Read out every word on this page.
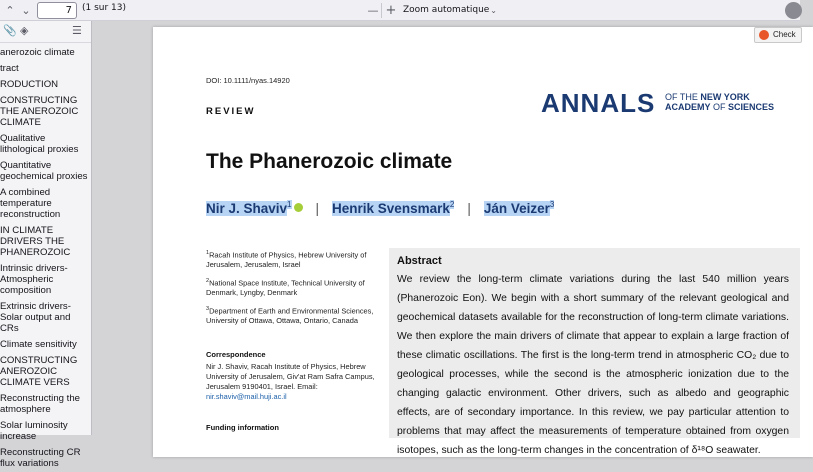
⌃ ⌄	7	(1 sur 13)	— + Zoom automatique ⌄
📎 ◈	☰
anerozoic climate
tract
RODUCTION
CONSTRUCTING THE ANEROZOIC CLIMATE
Qualitative lithological proxies
Quantitative geochemical proxies
A combined temperature reconstruction
IN CLIMATE DRIVERS THE PHANEROZOIC
Intrinsic drivers-Atmospheric composition
Extrinsic drivers-Solar output and CRs
Climate sensitivity
CONSTRUCTING ANEROZOIC CLIMATE VERS
Reconstructing the atmosphere
Solar luminosity increase
Reconstructing CR flux variations
Check
DOI: 10.1111/nyas.14920
REVIEW	ANNALS OF THE NEW YORK
ACADEMY OF SCIENCES
The Phanerozoic climate
Nir J. Shaviv$^1$ | Henrik Svensmark$^2$ | Ján Veizer$^3$
$^1$Racah Institute of Physics, Hebrew University of Jerusalem, Jerusalem, Israel
$^2$National Space Institute, Technical University of Denmark, Lyngby, Denmark
$^3$Department of Earth and Environmental Sciences, University of Ottawa, Ottawa, Ontario, Canada
Correspondence
Nir J. Shaviv, Racah Institute of Physics, Hebrew University of Jerusalem, Giv'at Ram Safra Campus, Jerusalem 9190401, Israel. Email: nir.shaviv@mail.huji.ac.il
Funding information
Abstract
We review the long-term climate variations during the last 540 million years (Phanerozoic Eon). We begin with a short summary of the relevant geological and geochemical datasets available for the reconstruction of long-term climate variations. We then explore the main drivers of climate that appear to explain a large fraction of these climatic oscillations. The first is the long-term trend in atmospheric CO₂ due to geological processes, while the second is the atmospheric ionization due to the changing galactic environment. Other drivers, such as albedo and geographic effects, are of secondary importance. In this review, we pay particular attention to problems that may affect the measurements of temperature obtained from oxygen isotopes, such as the long-term changes in the concentration of δ¹⁸O seawater.
